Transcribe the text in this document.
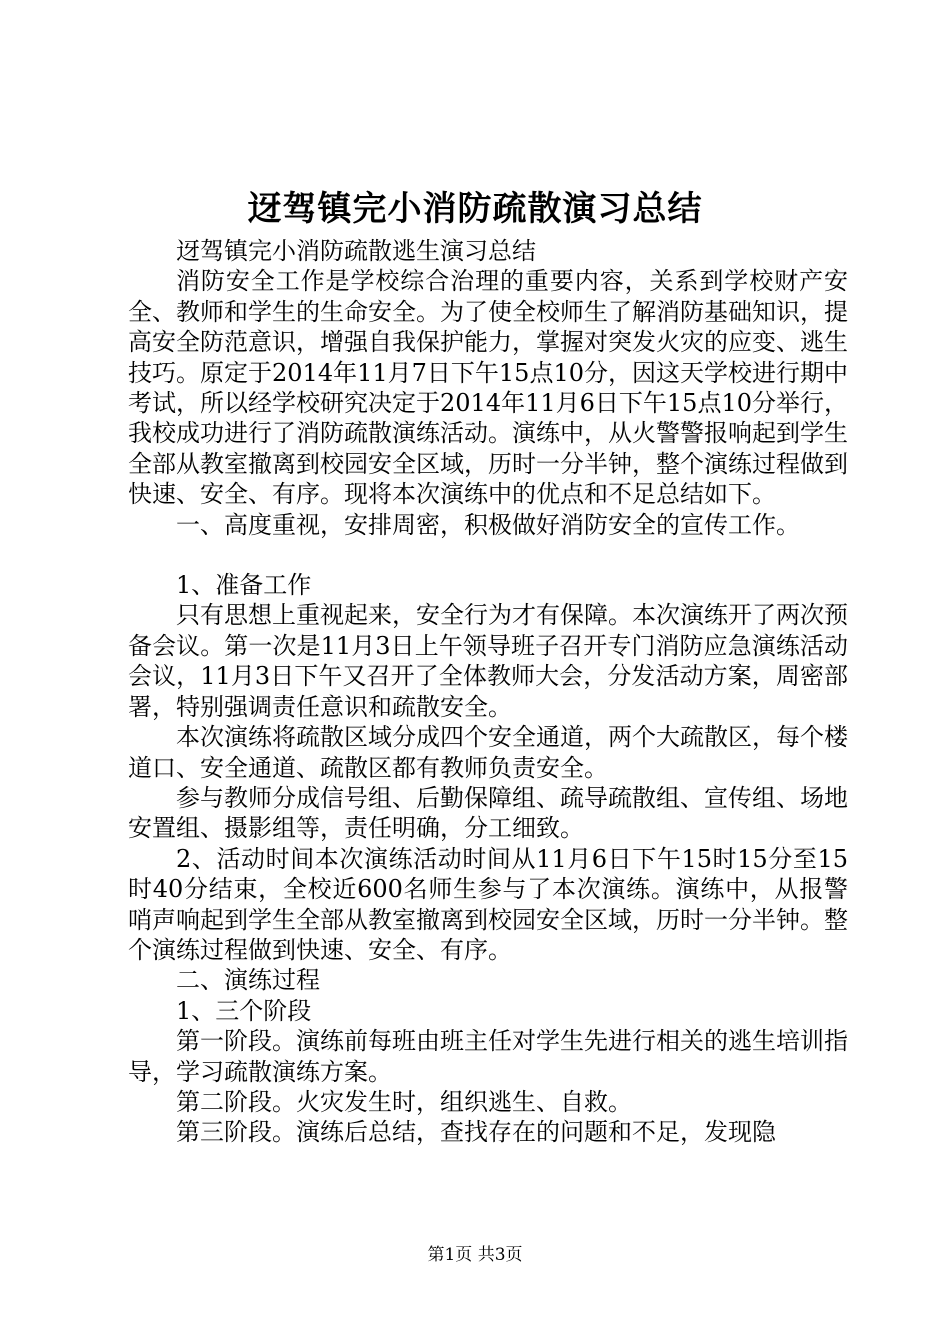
迓驾镇完小消防疏散演习总结

迓驾镇完小消防疏散逃生演习总结

消防安全工作是学校综合治理的重要内容，关系到学校财产安全、教师和学生的生命安全。为了使全校师生了解消防基础知识，提高安全防范意识，增强自我保护能力，掌握对突发火灾的应变、逃生技巧。原定于2014年11月7日下午15点10分，因这天学校进行期中考试，所以经学校研究决定于2014年11月6日下午15点10分举行，我校成功进行了消防疏散演练活动。演练中，从火警警报响起到学生全部从教室撤离到校园安全区域，历时一分半钟，整个演练过程做到快速、安全、有序。现将本次演练中的优点和不足总结如下。

一、高度重视，安排周密，积极做好消防安全的宣传工作。

1、准备工作

只有思想上重视起来，安全行为才有保障。本次演练开了两次预备会议。第一次是11月3日上午领导班子召开专门消防应急演练活动会议，11月3日下午又召开了全体教师大会，分发活动方案，周密部署，特别强调责任意识和疏散安全。

本次演练将疏散区域分成四个安全通道，两个大疏散区，每个楼道口、安全通道、疏散区都有教师负责安全。

参与教师分成信号组、后勤保障组、疏导疏散组、宣传组、场地安置组、摄影组等，责任明确，分工细致。

2、活动时间本次演练活动时间从11月6日下午15时15分至15时40分结束，全校近600名师生参与了本次演练。演练中，从报警哨声响起到学生全部从教室撤离到校园安全区域，历时一分半钟。整个演练过程做到快速、安全、有序。

二、演练过程

1、三个阶段

第一阶段。演练前每班由班主任对学生先进行相关的逃生培训指导，学习疏散演练方案。

第二阶段。火灾发生时，组织逃生、自救。

第三阶段。演练后总结，查找存在的问题和不足，发现隐

第1页 共3页
